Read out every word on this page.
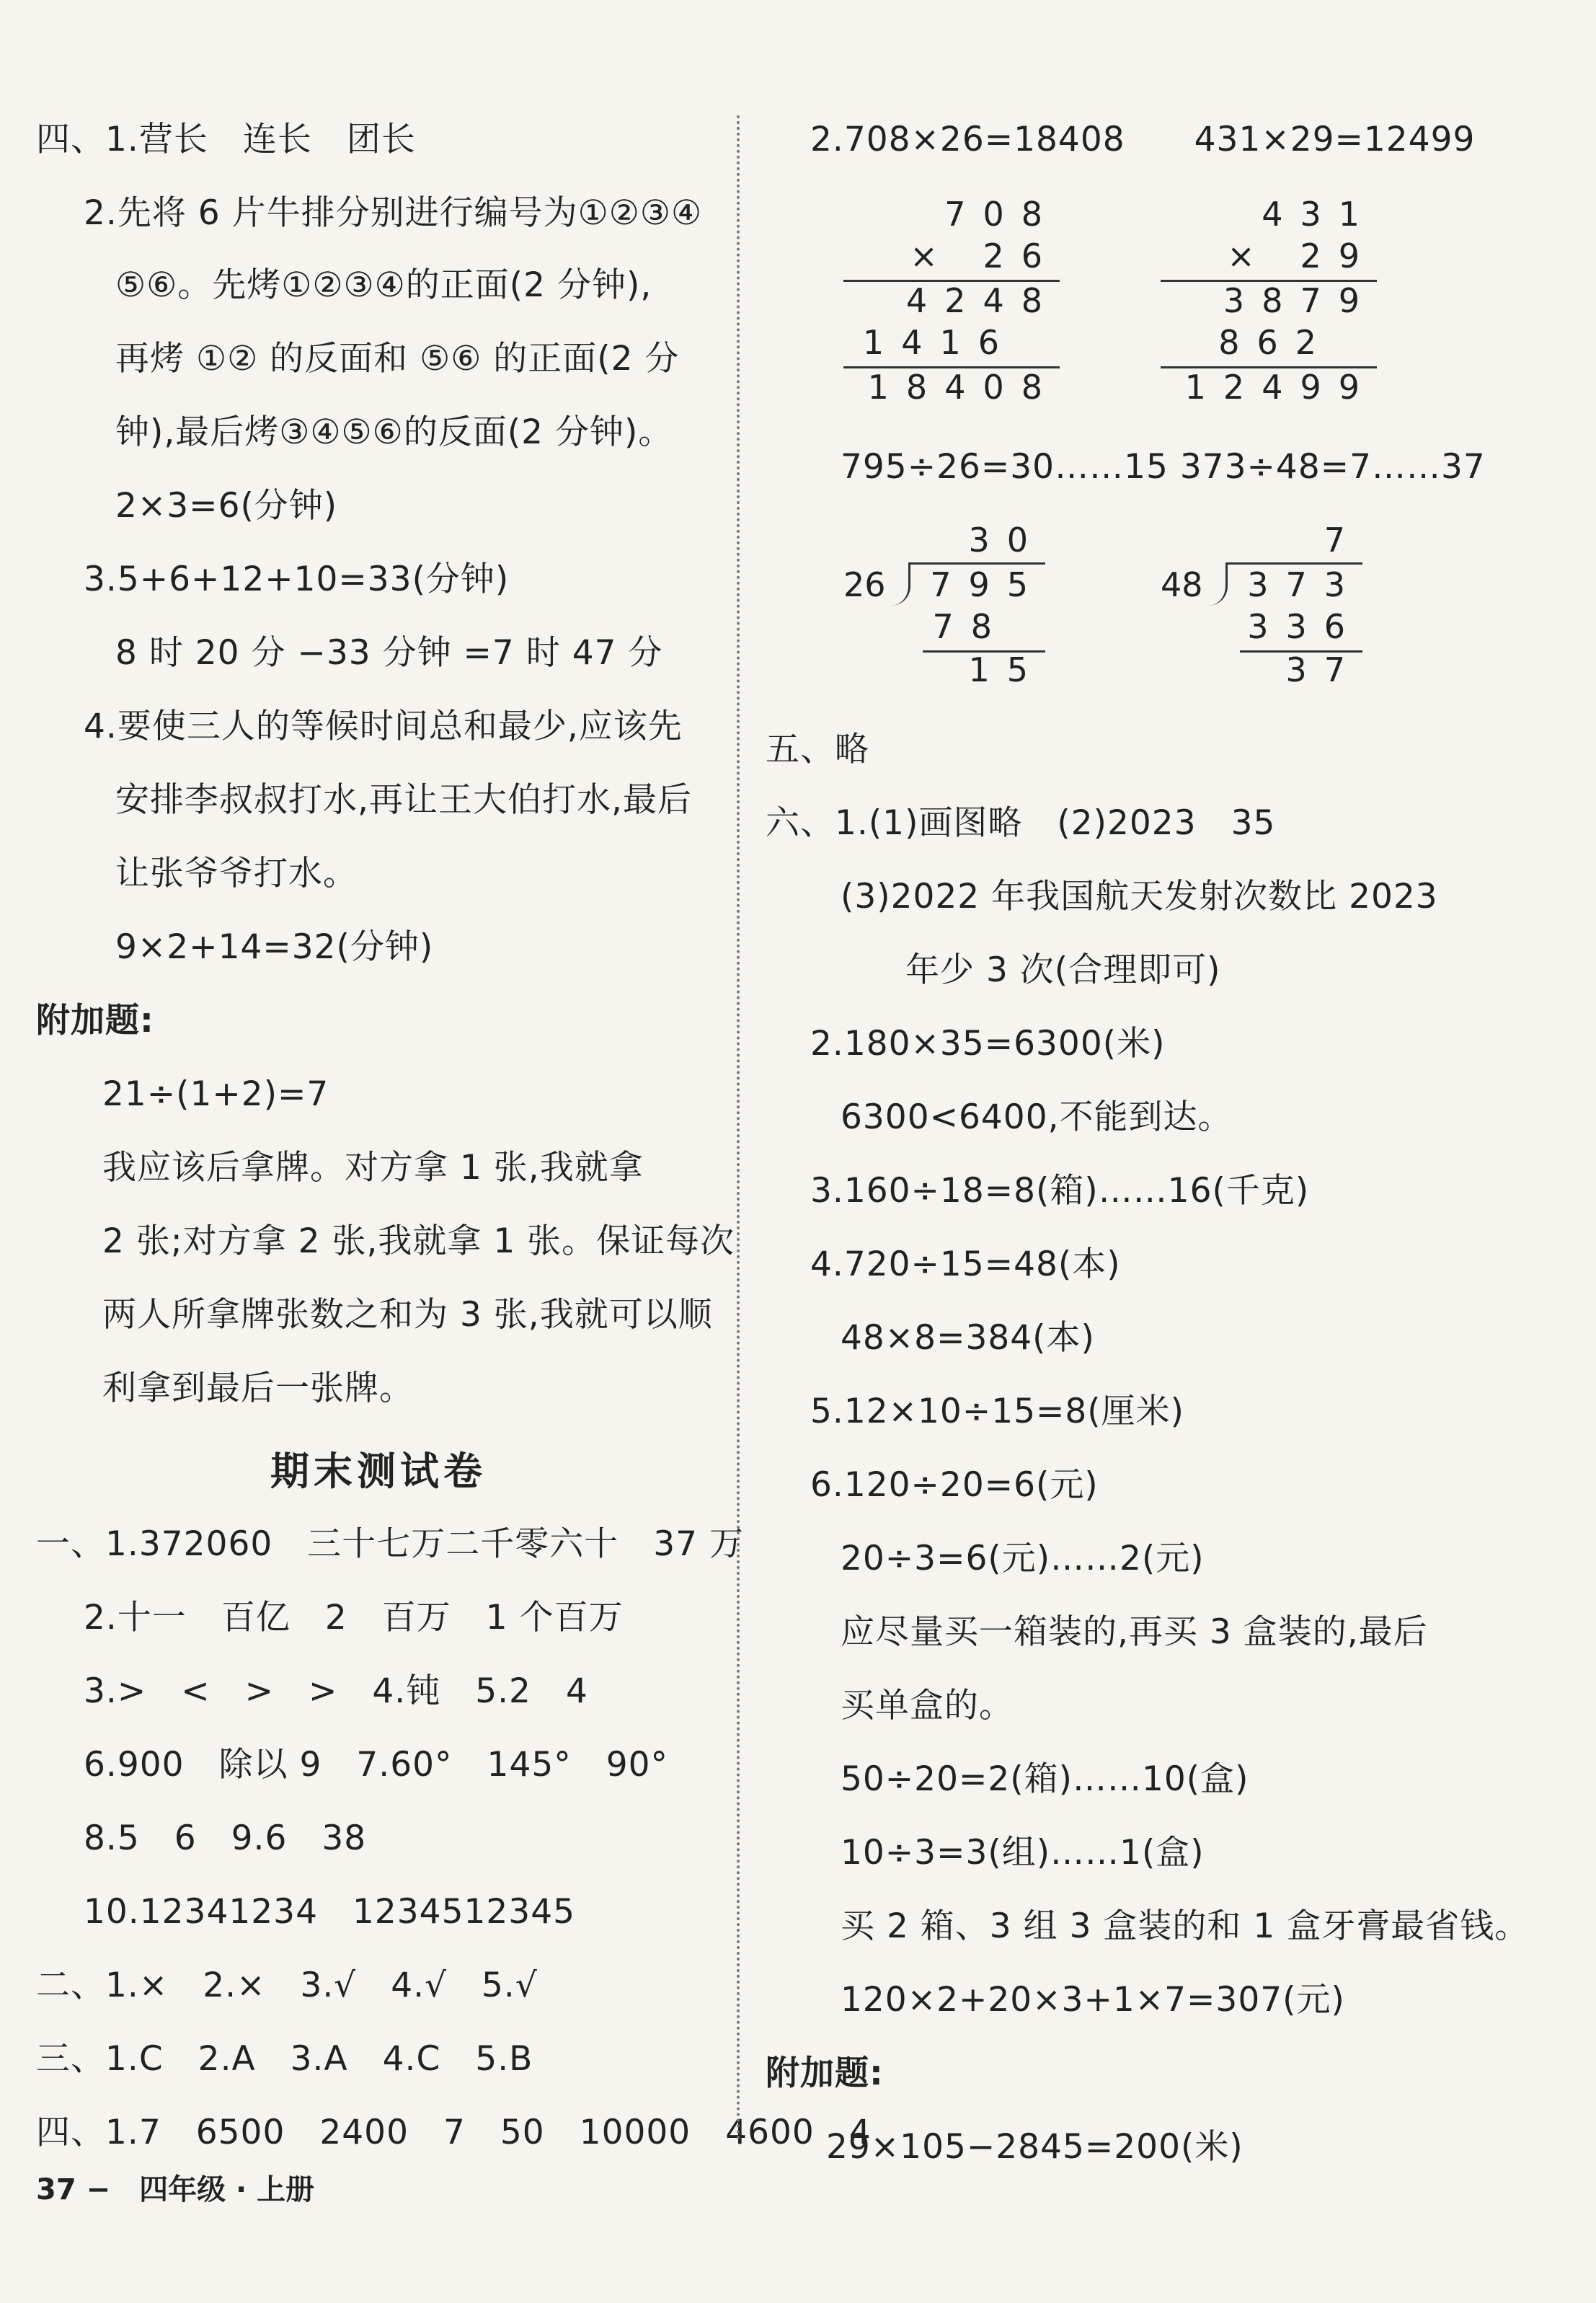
四、1.营长　连长　团长
2.先将 6 片牛排分别进行编号为①②③④
⑤⑥。先烤①②③④的正面(2 分钟),
再烤 ①② 的反面和 ⑤⑥ 的正面(2 分
钟),最后烤③④⑤⑥的反面(2 分钟)。
2×3=6(分钟)
3.5+6+12+10=33(分钟)
8 时 20 分 −33 分钟 =7 时 47 分
4.要使三人的等候时间总和最少,应该先
安排李叔叔打水,再让王大伯打水,最后
让张爷爷打水。
9×2+14=32(分钟)
附加题:
21÷(1+2)=7
我应该后拿牌。对方拿 1 张,我就拿
2 张;对方拿 2 张,我就拿 1 张。保证每次
两人所拿牌张数之和为 3 张,我就可以顺
利拿到最后一张牌。
期末测试卷
一、1.372060　三十七万二千零六十　37 万
2.十一　百亿　2　百万　1 个百万
3.>　<　>　>　4.钝　5.2　4
6.900　除以 9　7.60°　145°　90°
8.5　6　9.6　38
10.12341234　1234512345
二、1.×　2.×　3.√　4.√　5.√
三、1.C　2.A　3.A　4.C　5.B
四、1.7　6500　2400　7　50　10000　4600　4
37 −　四年级 · 上册
2.708×26=18408　　431×29=12499
708
× 26
4248
1416
18408
431
× 29
3879
862
12499
795÷26=30……15 373÷48=7……37
30
26 795
78
15
7
48 373
336
37
五、略
六、1.(1)画图略　(2)2023　35
(3)2022 年我国航天发射次数比 2023
年少 3 次(合理即可)
2.180×35=6300(米)
6300<6400,不能到达。
3.160÷18=8(箱)……16(千克)
4.720÷15=48(本)
48×8=384(本)
5.12×10÷15=8(厘米)
6.120÷20=6(元)
20÷3=6(元)……2(元)
应尽量买一箱装的,再买 3 盒装的,最后
买单盒的。
50÷20=2(箱)……10(盒)
10÷3=3(组)……1(盒)
买 2 箱、3 组 3 盒装的和 1 盒牙膏最省钱。
120×2+20×3+1×7=307(元)
附加题:
29×105−2845=200(米)
